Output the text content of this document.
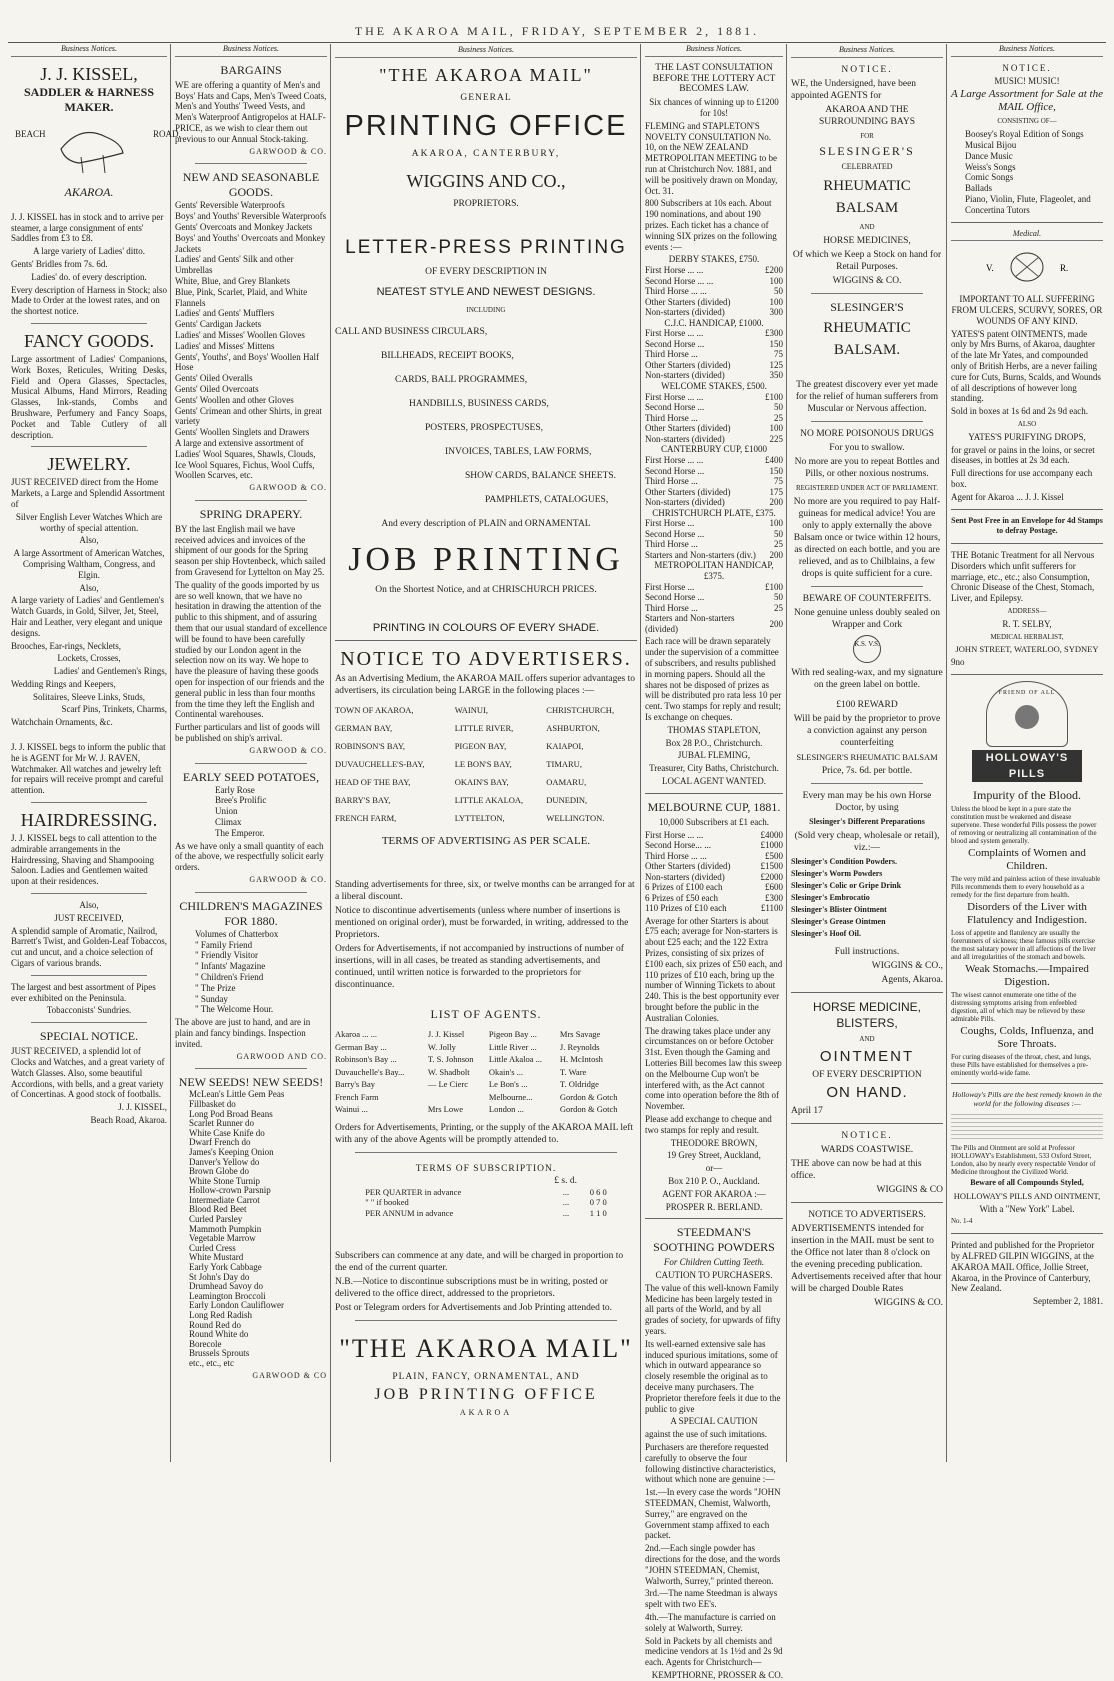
THE AKAROA MAIL, FRIDAY, SEPTEMBER 2, 1881.
Business Notices.
J. J. KISSEL,
SADDLER & HARNESS MAKER.
BEACH	ROAD,
AKAROA.

J. J. KISSEL has in stock and to arrive per steamer, a large consignment of ents' Saddles from £3 to £8.

A large variety of Ladies' ditto.

Gents' Bridles from 7s. 6d.

Ladies' do. of every description.

Every description of Harness in Stock; also Made to Order at the lowest rates, and on the shortest notice.

FANCY GOODS.

Large assortment of Ladies' Companions, Work Boxes, Reticules, Writing Desks, Field and Opera Glasses, Spectacles, Musical Albums, Hand Mirrors, Reading Glasses, Ink-stands, Combs and Brushware, Perfumery and Fancy Soaps, Pocket and Table Cutlery of all description.

JEWELRY.

JUST RECEIVED direct from the Home Markets, a Large and Splendid Assortment of

Silver English Lever Watches Which are worthy of special attention.

Also,

A large Assortment of American Watches, Comprising Waltham, Congress, and Elgin.

Also,

A large variety of Ladies' and Gentlemen's Watch Guards, in Gold, Silver, Jet, Steel, Hair and Leather, very elegant and unique designs.

Brooches, Ear-rings, Necklets,

Lockets, Crosses,

Ladies' and Gentlemen's Rings,

Wedding Rings and Keepers,

Solitaires, Sleeve Links, Studs,

Scarf Pins, Trinkets, Charms,

Watchchain Ornaments, &c.

J. J. KISSEL begs to inform the public that he is AGENT for Mr W. J. RAVEN, Watchmaker. All watches and jewelry left for repairs will receive prompt and careful attention.

HAIRDRESSING.

J. J. KISSEL begs to call attention to the admirable arrangements in the Hairdressing, Shaving and Shampooing Saloon. Ladies and Gentlemen waited upon at their residences.

Also,

JUST RECEIVED,

A splendid sample of Aromatic, Nailrod, Barrett's Twist, and Golden-Leaf Tobaccos, cut and uncut, and a choice selection of Cigars of various brands.

The largest and best assortment of Pipes ever exhibited on the Peninsula.

Tobacconists' Sundries.

SPECIAL NOTICE.

JUST RECEIVED, a splendid lot of Clocks and Watches, and a great variety of Watch Glasses. Also, some beautiful Accordions, with bells, and a great variety of Concertinas. A good stock of footballs.

J. J. KISSEL,

Beach Road, Akaroa.

Business Notices.
BARGAINS

WE are offering a quantity of Men's and Boys' Hats and Caps, Men's Tweed Coats, Men's and Youths' Tweed Vests, and Men's Waterproof Antigropelos at HALF-PRICE, as we wish to clear them out previous to our Annual Stock-taking.

GARWOOD & CO.

NEW AND SEASONABLE GOODS.
Gents' Reversible Waterproofs
Boys' and Youths' Reversible Waterproofs
Gents' Overcoats and Monkey Jackets
Boys' and Youths' Overcoats and Monkey Jackets
Ladies' and Gents' Silk and other Umbrellas
White, Blue, and Grey Blankets
Blue, Pink, Scarlet, Plaid, and White Flannels
Ladies' and Gents' Mufflers
Gents' Cardigan Jackets
Ladies' and Misses' Woollen Gloves
Ladies' and Misses' Mittens
Gents', Youths', and Boys' Woollen Half Hose
Gents' Oiled Overalls
Gents' Oiled Overcoats
Gents' Woollen and other Gloves
Gents' Crimean and other Shirts, in great variety
Gents' Woollen Singlets and Drawers
A large and extensive assortment of Ladies' Wool Squares, Shawls, Clouds, Ice Wool Squares, Fichus, Wool Cuffs, Woollen Scarves, etc.

GARWOOD & CO.

SPRING DRAPERY.

BY the last English mail we have received advices and invoices of the shipment of our goods for the Spring season per ship Hovtenbeck, which sailed from Gravesend for Lyttelton on May 25.

The quality of the goods imported by us are so well known, that we have no hesitation in drawing the attention of the public to this shipment, and of assuring them that our usual standard of excellence will be found to have been carefully studied by our London agent in the selection now on its way. We hope to have the pleasure of having these goods open for inspection of our friends and the general public in less than four months from the time they left the English and Continental warehouses.

Further particulars and list of goods will be published on ship's arrival.

GARWOOD & CO.

EARLY SEED POTATOES,
Early Rose
Bree's Prolific
Union
Climax
The Emperor.

As we have only a small quantity of each of the above, we respectfully solicit early orders.

GARWOOD & CO.

CHILDREN'S MAGAZINES FOR 1880.
Volumes of Chatterbox
" Family Friend
" Friendly Visitor
" Infants' Magazine
" Children's Friend
" The Prize
" Sunday
" The Welcome Hour.

The above are just to hand, and are in plain and fancy bindings. Inspection invited.

GARWOOD AND CO.

NEW SEEDS! NEW SEEDS!
McLean's Little Gem Peas
Fillbasket do
Long Pod Broad Beans
Scarlet Runner do
White Case Knife do
Dwarf French do
James's Keeping Onion
Danver's Yellow do
Brown Globe do
White Stone Turnip
Hollow-crown Parsnip
Intermediate Carrot
Blood Red Beet
Curled Parsley
Mammoth Pumpkin
Vegetable Marrow
Curled Cress
White Mustard
Early York Cabbage
St John's Day do
Drumhead Savoy do
Leamington Broccoli
Early London Cauliflower
Long Red Radish
Round Red do
Round White do
Borecole
Brussels Sprouts
etc., etc., etc

GARWOOD & CO

Business Notices.
"THE AKAROA MAIL"
GENERAL
PRINTING OFFICE
AKAROA, CANTERBURY,
WIGGINS AND CO.,
PROPRIETORS.
LETTER-PRESS PRINTING
OF EVERY DESCRIPTION IN
NEATEST STYLE AND NEWEST DESIGNS.
INCLUDING
CALL AND BUSINESS CIRCULARS,
BILLHEADS, RECEIPT BOOKS,
CARDS, BALL PROGRAMMES,
HANDBILLS, BUSINESS CARDS,
POSTERS, PROSPECTUSES,
INVOICES, TABLES, LAW FORMS,
SHOW CARDS, BALANCE SHEETS.
PAMPHLETS, CATALOGUES,
And every description of PLAIN and ORNAMENTAL
JOB PRINTING
On the Shortest Notice, and at CHRISCHURCH PRICES.
PRINTING IN COLOURS OF EVERY SHADE.
NOTICE TO ADVERTISERS.

As an Advertising Medium, the AKAROA MAIL offers superior advantages to advertisers, its circulation being LARGE in the following places :—

TOWN OF AKAROA,	WAINUI,	CHRISTCHURCH,
GERMAN BAY,	LITTLE RIVER,	ASHBURTON,
ROBINSON'S BAY,	PIGEON BAY,	KAIAPOI,
DUVAUCHELLE'S-BAY,	LE BON'S BAY,	TIMARU,
HEAD OF THE BAY,	OKAIN'S BAY,	OAMARU,
BARRY'S BAY,	LITTLE AKALOA,	DUNEDIN,
FRENCH FARM,	LYTTELTON,	WELLINGTON.
TERMS OF ADVERTISING AS PER SCALE.

Standing advertisements for three, six, or twelve months can be arranged for at a liberal discount.

Notice to discontinue advertisements (unless where number of insertions is mentioned on original order), must be forwarded, in writing, addressed to the Proprietors.

Orders for Advertisements, if not accompanied by instructions of number of insertions, will in all cases, be treated as standing advertisements, and continued, until written notice is forwarded to the proprietors for discontinuance.

LIST OF AGENTS.
Akaroa ... ...	J. J. Kissel	Pigeon Bay ...	Mrs Savage
German Bay ...	W. Jolly	Little River ...	J. Reynolds
Robinson's Bay ...	T. S. Johnson	Little Akaloa ...	H. McIntosh
Duvauchelle's Bay...	W. Shadbolt	Okain's ...	T. Ware
Barry's Bay	— Le Cierc	Le Bon's ...	T. Oldridge
French Farm		Melbourne...	Gordon & Gotch
Wainui ...	Mrs Lowe	London ...	Gordon & Gotch

Orders for Advertisements, Printing, or the supply of the AKAROA MAIL left with any of the above Agents will be promptly attended to.

TERMS OF SUBSCRIPTION.
£ s. d.
PER QUARTER in advance	...	0 6 0
" " if booked	...	0 7 0
PER ANNUM in advance	...	1 1 0

Subscribers can commence at any date, and will be charged in proportion to the end of the current quarter.

N.B.—Notice to discontinue subscriptions must be in writing, posted or delivered to the office direct, addressed to the proprietors.

Post or Telegram orders for Advertisements and Job Printing attended to.

"THE AKAROA MAIL"
PLAIN, FANCY, ORNAMENTAL, AND
JOB PRINTING OFFICE
AKAROA
Business Notices.
THE LAST CONSULTATION BEFORE THE LOTTERY ACT BECOMES LAW.

Six chances of winning up to £1200 for 10s!

FLEMING and STAPLETON'S NOVELTY CONSULTATION No. 10, on the NEW ZEALAND METROPOLITAN MEETING to be run at Christchurch Nov. 1881, and will be positively drawn on Monday, Oct. 31.

800 Subscribers at 10s each. About 190 nominations, and about 190 prizes. Each ticket has a chance of winning SIX prizes on the following events :—

DERBY STAKES, £750.
First Horse ... ...	£200
Second Horse ... ...	100
Third Horse ... ...	50
Other Starters (divided)	100
Non-starters (divided)	300
C.J.C. HANDICAP, £1000.
First Horse ... ...	£300
Second Horse ...	150
Third Horse ...	75
Other Starters (divided)	125
Non-starters (divided)	350
WELCOME STAKES, £500.
First Horse ... ...	£100
Second Horse ...	50
Third Horse ...	25
Other Starters (divided)	100
Non-starters (divided)	225
CANTERBURY CUP, £1000
First Horse ... ...	£400
Second Horse ...	150
Third Horse ...	75
Other Starters (divided)	175
Non-starters (divided)	200
CHRISTCHURCH PLATE, £375.
First Horse ...	100
Second Horse ...	50
Third Horse ...	25
Starters and Non-starters (div.)	200
METROPOLITAN HANDICAP, £375.
First Horse ...	£100
Second Horse ...	50
Third Horse ...	25
Starters and Non-starters (divided)	200

Each race will be drawn separately under the supervision of a committee of subscribers, and results published in morning papers. Should all the shares not be disposed of prizes as will be distributed pro rata less 10 per cent. Two stamps for reply and result; Is exchange on cheques.

THOMAS STAPLETON,

Box 28 P.O., Christchurch.

JUBAL FLEMING,

Treasurer, City Baths, Christchurch.

LOCAL AGENT WANTED.

MELBOURNE CUP, 1881.

10,000 Subscribers at £1 each.

First Horse ... ...	£4000
Second Horse... ...	£1000
Third Horse ... ...	£500
Other Starters (divided)	£1500
Non-starters (divided)	£2000
6 Prizes of £100 each	£600
6 Prizes of £50 each	£300
110 Prizes of £10 each	£1100

Average for other Starters is about £75 each; average for Non-starters is about £25 each; and the 122 Extra Prizes, consisting of six prizes of £100 each, six prizes of £50 each, and 110 prizes of £10 each, bring up the number of Winning Tickets to about 240. This is the best opportunity ever brought before the public in the Australian Colonies.

The drawing takes place under any circumstances on or before October 31st. Even though the Gaming and Lotteries Bill becomes law this sweep on the Melbourne Cup won't be interfered with, as the Act cannot come into operation before the 8th of November.

Please add exchange to cheque and two stamps for reply and result.

THEODORE BROWN,

19 Grey Street, Auckland,

or—

Box 210 P. O., Auckland.

AGENT FOR AKAROA :—

PROSPER R. BERLAND.

STEEDMAN'S SOOTHING POWDERS

For Children Cutting Teeth.

CAUTION TO PURCHASERS.

The value of this well-known Family Medicine has been largely tested in all parts of the World, and by all grades of society, for upwards of fifty years.

Its well-earned extensive sale has induced spurious imitations, some of which in outward appearance so closely resemble the original as to deceive many purchasers. The Proprietor therefore feels it due to the public to give

A SPECIAL CAUTION

against the use of such imitations.

Purchasers are therefore requested carefully to observe the four following distinctive characteristics, without which none are genuine :—

1st.—In every case the words "JOHN STEEDMAN, Chemist, Walworth, Surrey," are engraved on the Government stamp affixed to each packet.

2nd.—Each single powder has directions for the dose, and the words "JOHN STEEDMAN, Chemist, Walworth, Surrey," printed thereon.

3rd.—The name Steedman is always spelt with two EE's.

4th.—The manufacture is carried on solely at Walworth, Surrey.

Sold in Packets by all chemists and medicine vendors at 1s 1½d and 2s 9d each. Agents for Christchurch—

KEMPTHORNE, PROSSER & CO.

Business Notices.
NOTICE.

WE, the Undersigned, have been appointed AGENTS for

AKAROA AND THE SURROUNDING BAYS

FOR

SLESINGER'S

CELEBRATED

RHEUMATIC BALSAM

AND

HORSE MEDICINES,

Of which we Keep a Stock on hand for Retail Purposes.

WIGGINS & CO.

SLESINGER'S

RHEUMATIC BALSAM.

The greatest discovery ever yet made for the relief of human sufferers from Muscular or Nervous affection.

NO MORE POISONOUS DRUGS

For you to swallow.

No more are you to repeat Bottles and Pills, or other noxious nostrums.

REGISTERED UNDER ACT OF PARLIAMENT.

No more are you required to pay Half-guineas for medical advice! You are only to apply externally the above Balsam once or twice within 12 hours, as directed on each bottle, and you are relieved, and as to Chilblains, a few drops is quite sufficient for a cure.

BEWARE OF COUNTERFEITS.

None genuine unless doubly sealed on Wrapper and Cork

K.S. V.S.

With red sealing-wax, and my signature on the green label on bottle.

£100 REWARD

Will be paid by the proprietor to prove a conviction against any person counterfeiting

SLESINGER'S RHEUMATIC BALSAM

Price, 7s. 6d. per bottle.

Every man may be his own Horse Doctor, by using

Slesinger's Different Preparations

(Sold very cheap, wholesale or retail), viz.:—

Slesinger's Condition Powders.
Slesinger's Worm Powders
Slesinger's Colic or Gripe Drink
Slesinger's Embrocatio
Slesinger's Blister Ointment
Slesinger's Grease Ointmen
Slesinger's Hoof Oil.

Full instructions.

WIGGINS & CO.,

Agents, Akaroa.

HORSE MEDICINE, BLISTERS,

AND

OINTMENT

OF EVERY DESCRIPTION

ON HAND.

April 17

NOTICE.

WARDS COASTWISE.

THE above can now be had at this office.

WIGGINS & CO

NOTICE TO ADVERTISERS.

ADVERTISEMENTS intended for insertion in the MAIL must be sent to the Office not later than 8 o'clock on the evening preceding publication. Advertisements received after that hour will be charged Double Rates

WIGGINS & CO.

Business Notices.

NOTICE.

MUSIC! MUSIC!

A Large Assortment for Sale at the MAIL Office,

CONSISTING OF—

Boosey's Royal Edition of Songs
Musical Bijou
Dance Music
Weiss's Songs
Comic Songs
Ballads
Piano, Violin, Flute, Flageolet, and Concertina Tutors
Medical.
V.	R.

IMPORTANT TO ALL SUFFERING FROM ULCERS, SCURVY, SORES, OR WOUNDS OF ANY KIND.

YATES'S patent OINTMENTS, made only by Mrs Burns, of Akaroa, daughter of the late Mr Yates, and compounded only of British Herbs, are a never failing cure for Cuts, Burns, Scalds, and Wounds of all descriptions of however long standing.

Sold in boxes at 1s 6d and 2s 9d each.

ALSO

YATES'S PURIFYING DROPS,

for gravel or pains in the loins, or secret diseases, in bottles at 2s 3d each.

Full directions for use accompany each box.

Agent for Akaroa ... J. J. Kissel

Sent Post Free in an Envelope for 4d Stamps to defray Postage.

THE Botanic Treatment for all Nervous Disorders which unfit sufferers for marriage, etc., etc.; also Consumption, Chronic Disease of the Chest, Stomach, Liver, and Epilepsy.

ADDRESS—

R. T. SELBY,

MEDICAL HERBALIST,

JOHN STREET, WATERLOO, SYDNEY

9no

FRIEND OF ALL
HOLLOWAY'S PILLS

Impurity of the Blood.

Unless the blood be kept in a pure state the constitution must be weakened and disease supervene. These wonderful Pills possess the power of removing or neutralizing all contamination of the blood and system generally.

Complaints of Women and Children.

The very mild and painless action of these invaluable Pills recommends them to every household as a remedy for the first departure from health.

Disorders of the Liver with Flatulency and Indigestion.

Loss of appetite and flatulency are usually the forerunners of sickness; these famous pills exercise the most salutary power in all affections of the liver and all irregularities of the stomach and bowels.

Weak Stomachs.—Impaired Digestion.

The wisest cannot enumerate one tithe of the distressing symptoms arising from enfeebled digestion, all of which may be relieved by these admirable Pills.

Coughs, Colds, Influenza, and Sore Throats.

For curing diseases of the throat, chest, and lungs, these Pills have established for themselves a pre-eminently world-wide fame.

Holloway's Pills are the best remedy known in the world for the following diseases :—

The Pills and Ointment are sold at Professor HOLLOWAY's Establishment, 533 Oxford Street, London, also by nearly every respectable Vendor of Medicine throughout the Civilized World.

Beware of all Compounds Styled,

HOLLOWAY'S PILLS AND OINTMENT,

With a "New York" Label.

No. 1-4

Printed and published for the Proprietor by ALFRED GILPIN WIGGINS, at the AKAROA MAIL Office, Jollie Street, Akaroa, in the Province of Canterbury, New Zealand.

September 2, 1881.
